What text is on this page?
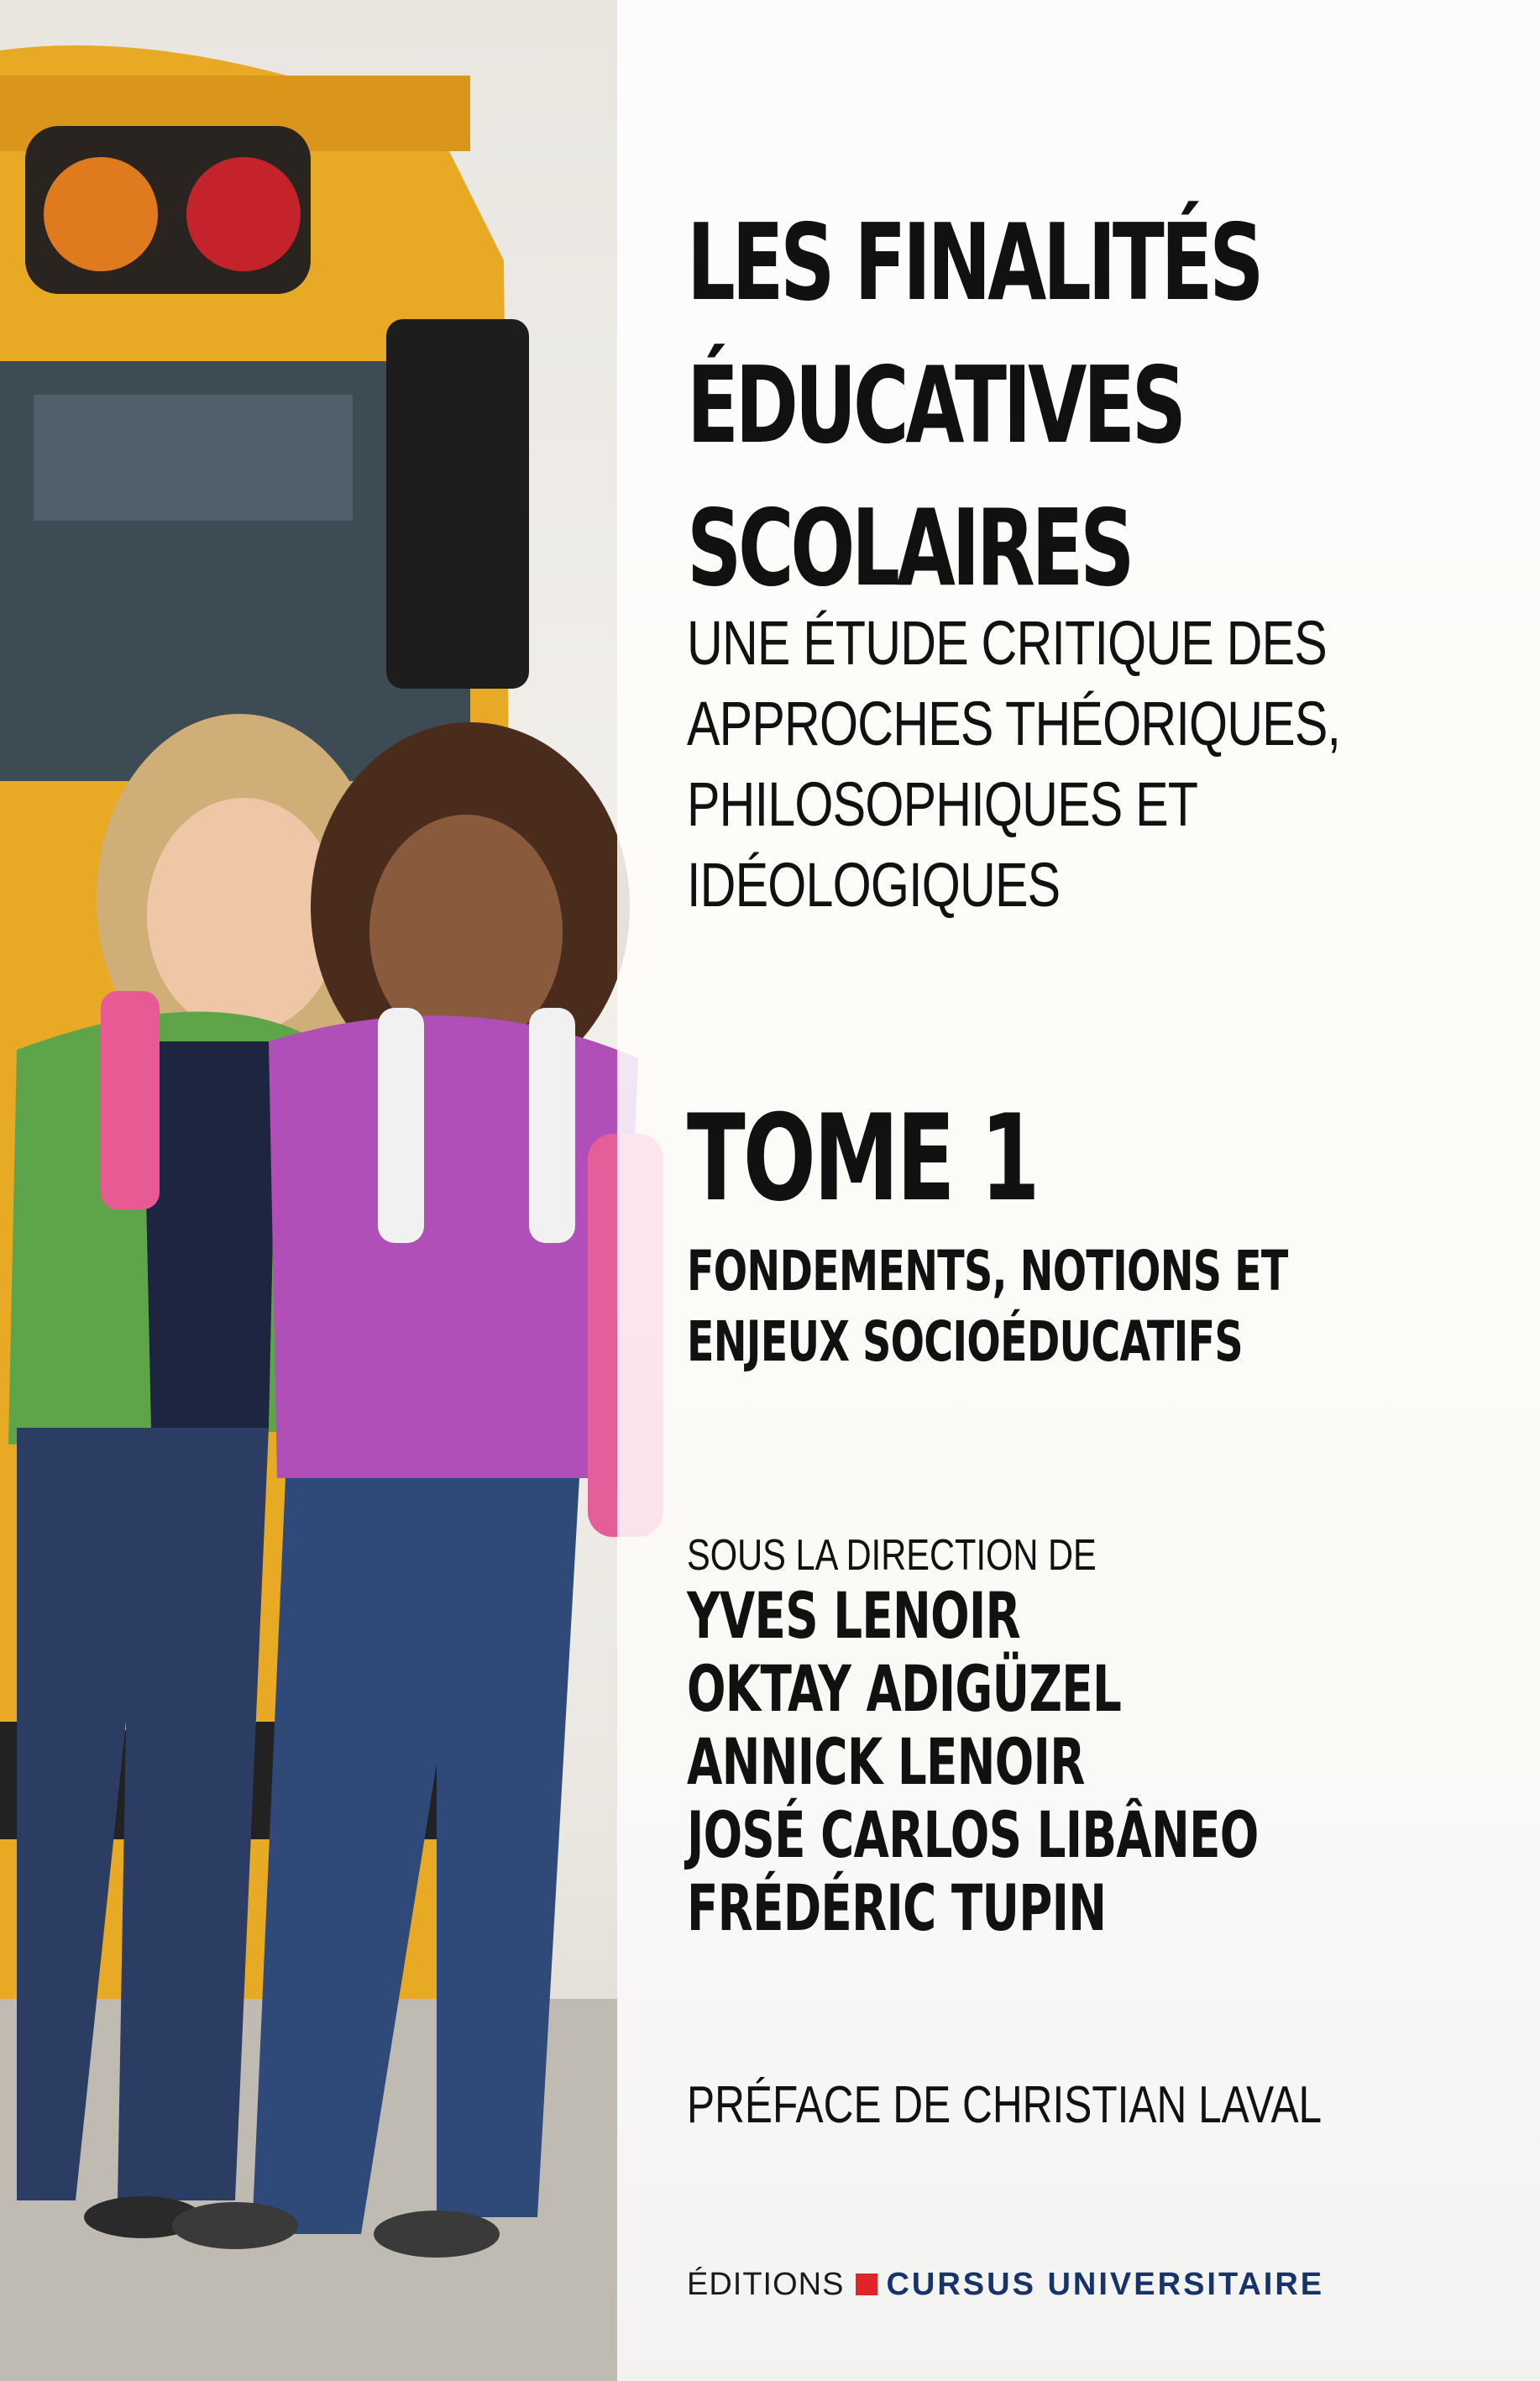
LES FINALITÉS
ÉDUCATIVES
SCOLAIRES
UNE ÉTUDE CRITIQUE DES
APPROCHES THÉORIQUES,
PHILOSOPHIQUES ET
IDÉOLOGIQUES
TOME 1
FONDEMENTS, NOTIONS ET
ENJEUX SOCIOÉDUCATIFS
SOUS LA DIRECTION DE
YVES LENOIR
OKTAY ADIGÜZEL
ANNICK LENOIR
JOSÉ CARLOS LIBÂNEO
FRÉDÉRIC TUPIN
PRÉFACE DE CHRISTIAN LAVAL
ÉDITIONS CURSUS UNIVERSITAIRE
